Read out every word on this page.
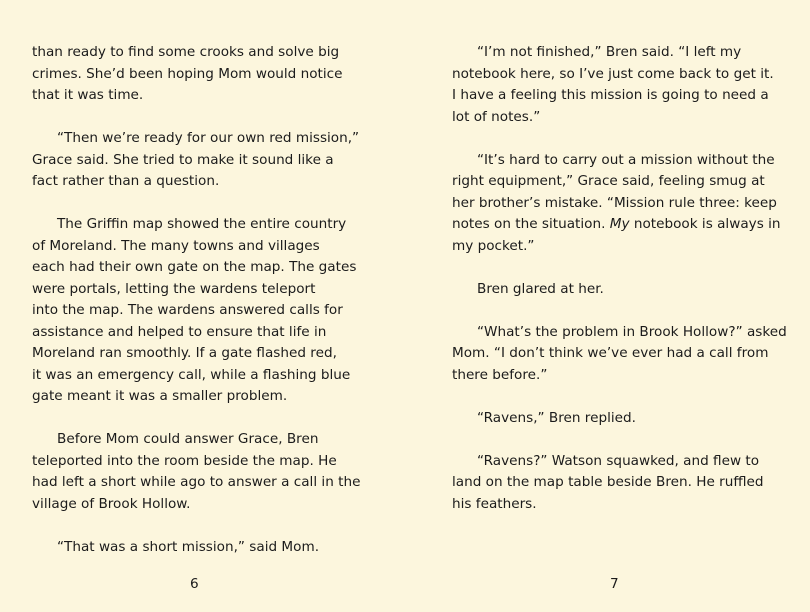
than ready to find some crooks and solve big
crimes. She’d been hoping Mom would notice
that it was time.
“Then we’re ready for our own red mission,”
Grace said. She tried to make it sound like a
fact rather than a question.
The Griffin map showed the entire country
of Moreland. The many towns and villages
each had their own gate on the map. The gates
were portals, letting the wardens teleport
into the map. The wardens answered calls for
assistance and helped to ensure that life in
Moreland ran smoothly. If a gate flashed red,
it was an emergency call, while a flashing blue
gate meant it was a smaller problem.
Before Mom could answer Grace, Bren
teleported into the room beside the map. He
had left a short while ago to answer a call in the
village of Brook Hollow.
“That was a short mission,” said Mom.
“I’m not finished,” Bren said. “I left my
notebook here, so I’ve just come back to get it.
I have a feeling this mission is going to need a
lot of notes.”
“It’s hard to carry out a mission without the
right equipment,” Grace said, feeling smug at
her brother’s mistake. “Mission rule three: keep
notes on the situation. My notebook is always in
my pocket.”
Bren glared at her.
“What’s the problem in Brook Hollow?” asked
Mom. “I don’t think we’ve ever had a call from
there before.”
“Ravens,” Bren replied.
“Ravens?” Watson squawked, and flew to
land on the map table beside Bren. He ruffled
his feathers.
6	7
